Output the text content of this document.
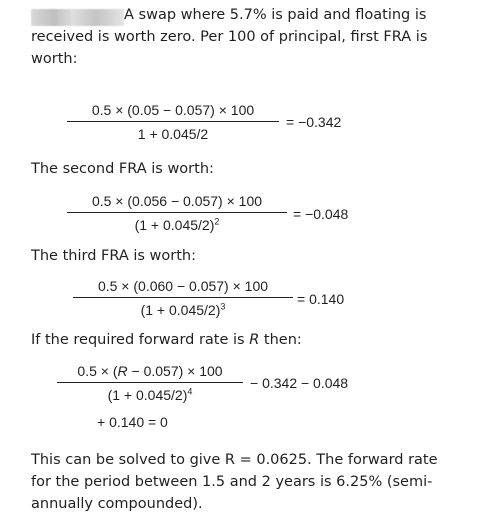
A swap where 5.7% is paid and floating is
received is worth zero. Per 100 of principal, first FRA is
worth:
$\frac{0.5 \times (0.05 - 0.057) \times 100}{1 + 0.045/2} = -0.342$
The second FRA is worth:
$\frac{0.5 \times (0.056 - 0.057) \times 100}{(1 + 0.045/2)^2} = -0.048$
The third FRA is worth:
$\frac{0.5 \times (0.060 - 0.057) \times 100}{(1 + 0.045/2)^3} = 0.140$
If the required forward rate is R then:
$\frac{0.5 \times (R - 0.057) \times 100}{(1 + 0.045/2)^4} - 0.342 - 0.048$
+ 0.140 = 0
This can be solved to give R = 0.0625. The forward rate
for the period between 1.5 and 2 years is 6.25% (semi-
annually compounded).
